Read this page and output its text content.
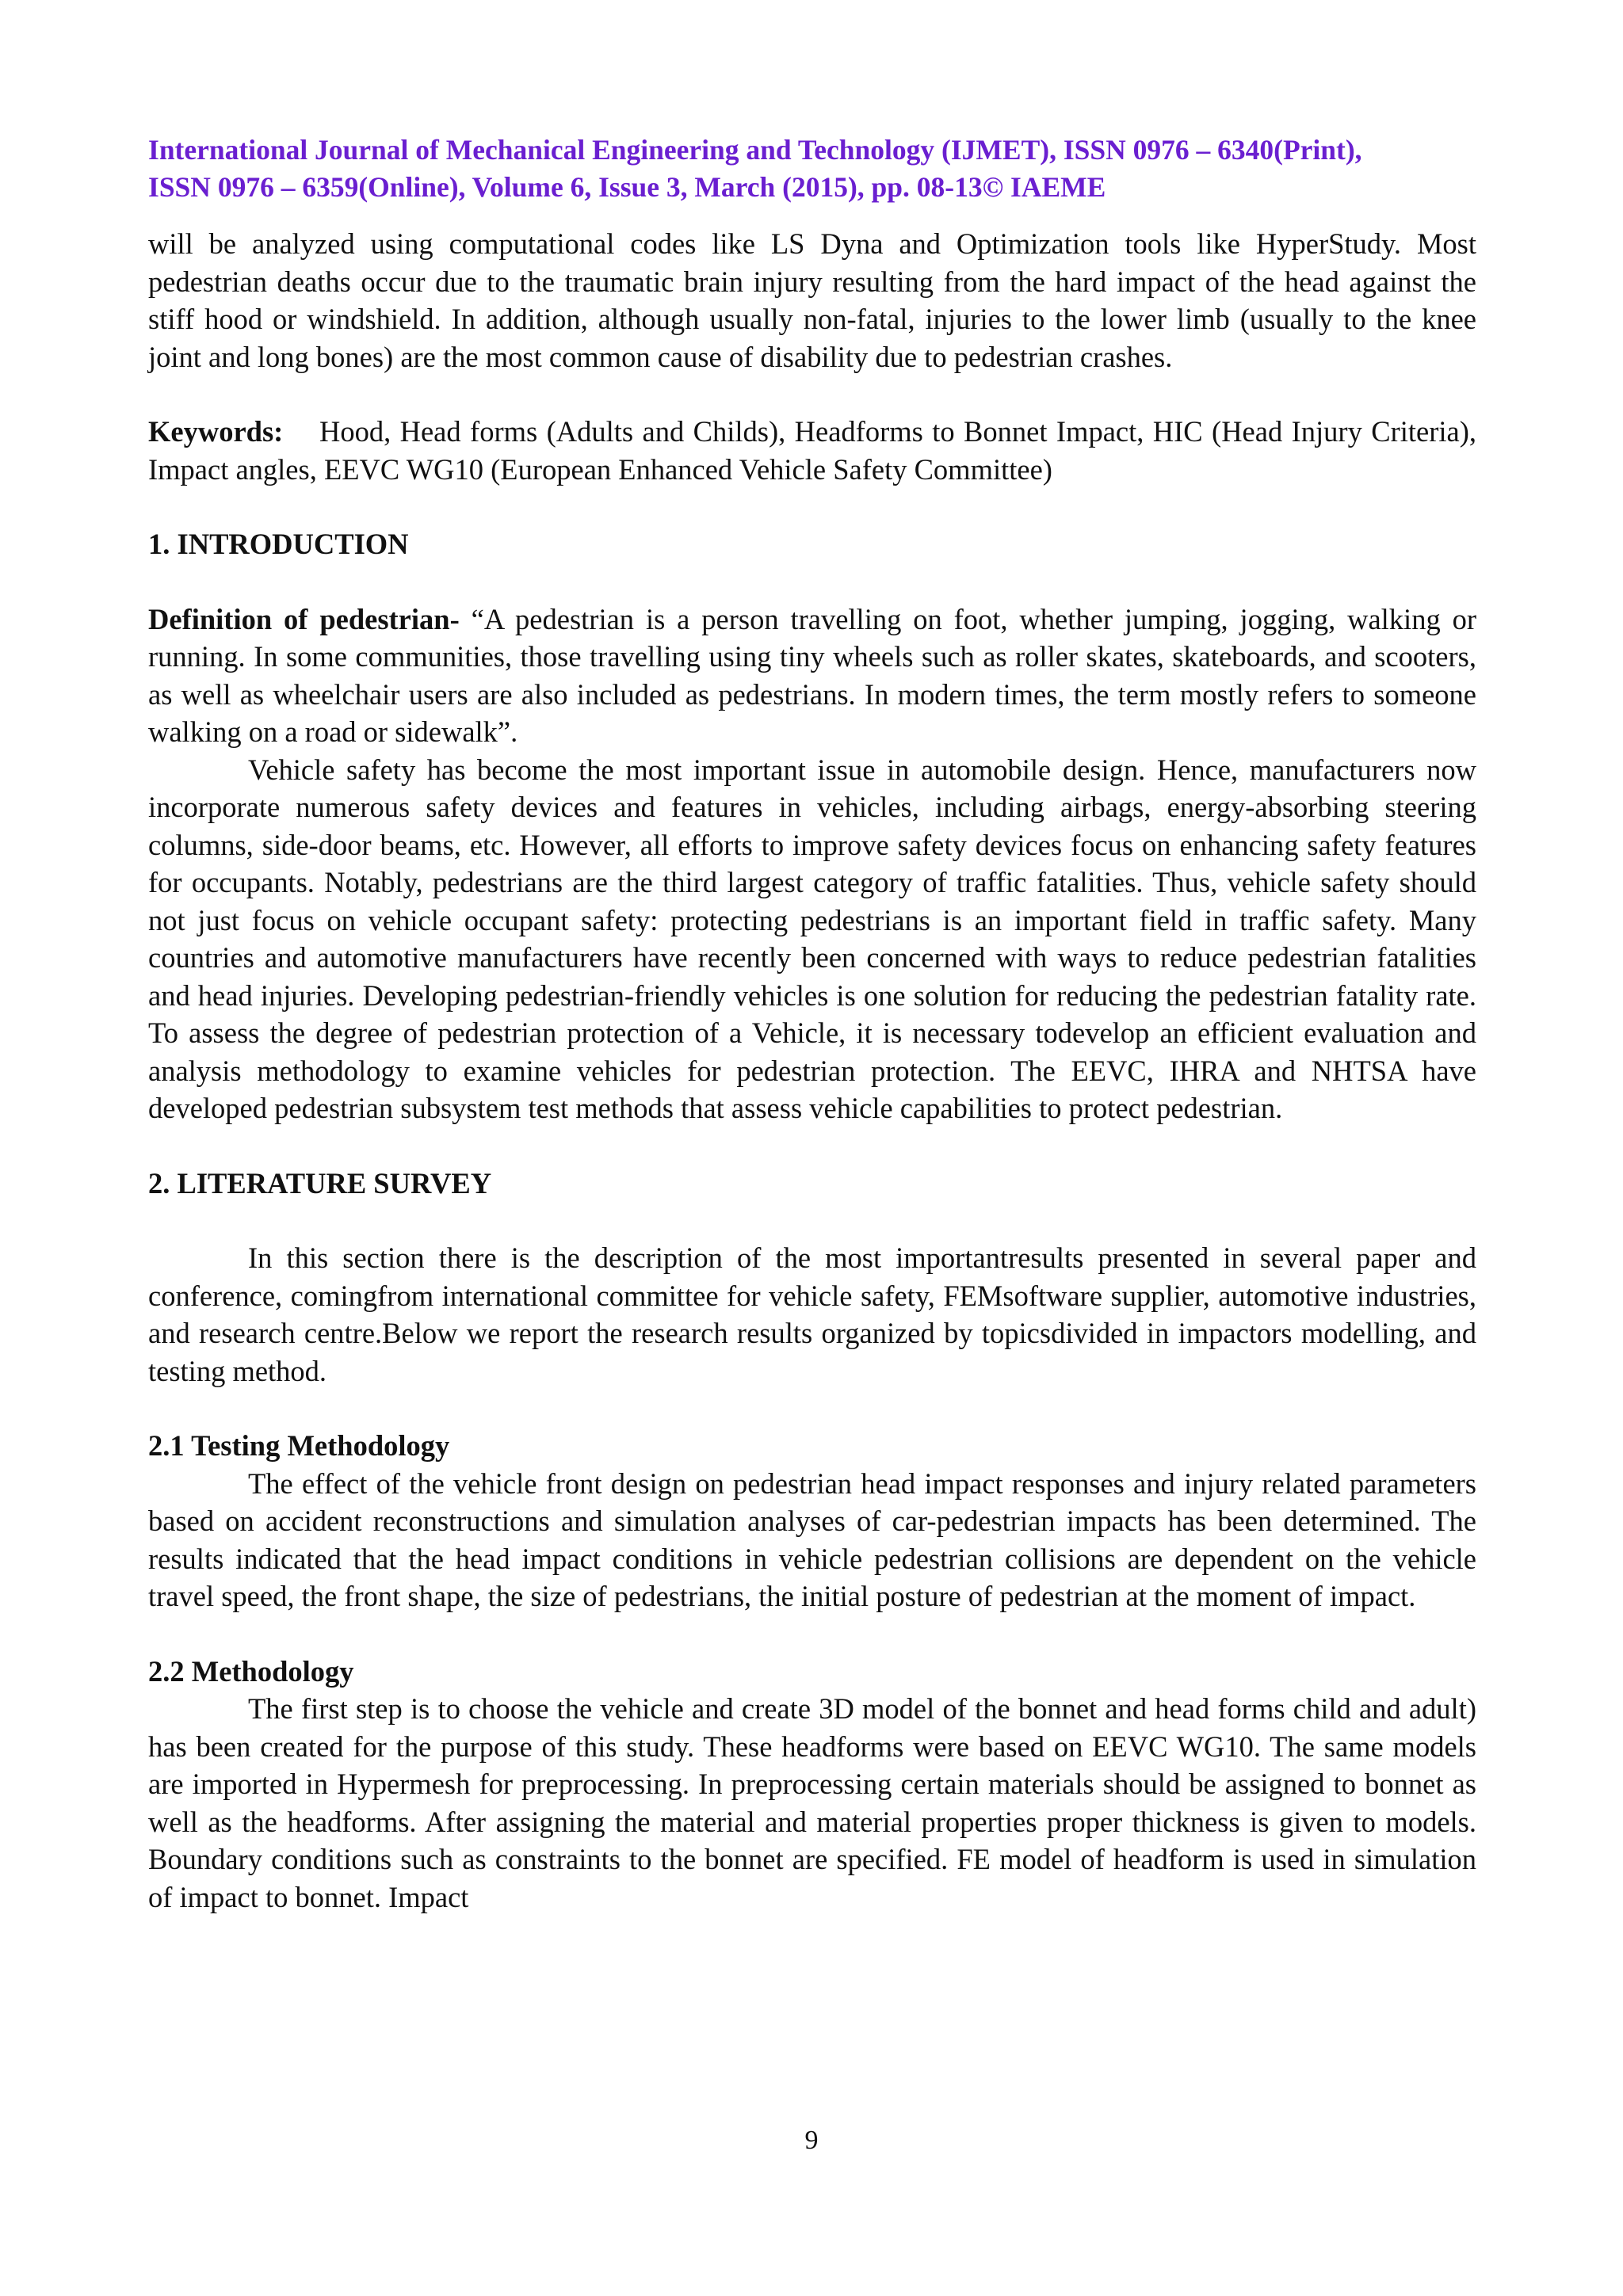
International Journal of Mechanical Engineering and Technology (IJMET), ISSN 0976 – 6340(Print),

ISSN 0976 – 6359(Online), Volume 6, Issue 3, March (2015), pp. 08-13© IAEME

will be analyzed using computational codes like LS Dyna and Optimization tools like HyperStudy. Most pedestrian deaths occur due to the traumatic brain injury resulting from the hard impact of the head against the stiff hood or windshield. In addition, although usually non-fatal, injuries to the lower limb (usually to the knee joint and long bones) are the most common cause of disability due to pedestrian crashes.

Keywords: Hood, Head forms (Adults and Childs), Headforms to Bonnet Impact, HIC (Head Injury Criteria), Impact angles, EEVC WG10 (European Enhanced Vehicle Safety Committee)

1. INTRODUCTION

Definition of pedestrian- “A pedestrian is a person travelling on foot, whether jumping, jogging, walking or running. In some communities, those travelling using tiny wheels such as roller skates, skateboards, and scooters, as well as wheelchair users are also included as pedestrians. In modern times, the term mostly refers to someone walking on a road or sidewalk”.

Vehicle safety has become the most important issue in automobile design. Hence, manufacturers now incorporate numerous safety devices and features in vehicles, including airbags, energy-absorbing steering columns, side-door beams, etc. However, all efforts to improve safety devices focus on enhancing safety features for occupants. Notably, pedestrians are the third largest category of traffic fatalities. Thus, vehicle safety should not just focus on vehicle occupant safety: protecting pedestrians is an important field in traffic safety. Many countries and automotive manufacturers have recently been concerned with ways to reduce pedestrian fatalities and head injuries. Developing pedestrian-friendly vehicles is one solution for reducing the pedestrian fatality rate. To assess the degree of pedestrian protection of a Vehicle, it is necessary todevelop an efficient evaluation and analysis methodology to examine vehicles for pedestrian protection. The EEVC, IHRA and NHTSA have developed pedestrian subsystem test methods that assess vehicle capabilities to protect pedestrian.

2. LITERATURE SURVEY

In this section there is the description of the most importantresults presented in several paper and conference, comingfrom international committee for vehicle safety, FEMsoftware supplier, automotive industries, and research centre.Below we report the research results organized by topicsdivided in impactors modelling, and testing method.

2.1 Testing Methodology

The effect of the vehicle front design on pedestrian head impact responses and injury related parameters based on accident reconstructions and simulation analyses of car-pedestrian impacts has been determined. The results indicated that the head impact conditions in vehicle pedestrian collisions are dependent on the vehicle travel speed, the front shape, the size of pedestrians, the initial posture of pedestrian at the moment of impact.

2.2 Methodology

The first step is to choose the vehicle and create 3D model of the bonnet and head forms child and adult) has been created for the purpose of this study. These headforms were based on EEVC WG10. The same models are imported in Hypermesh for preprocessing. In preprocessing certain materials should be assigned to bonnet as well as the headforms. After assigning the material and material properties proper thickness is given to models. Boundary conditions such as constraints to the bonnet are specified. FE model of headform is used in simulation of impact to bonnet. Impact

9
